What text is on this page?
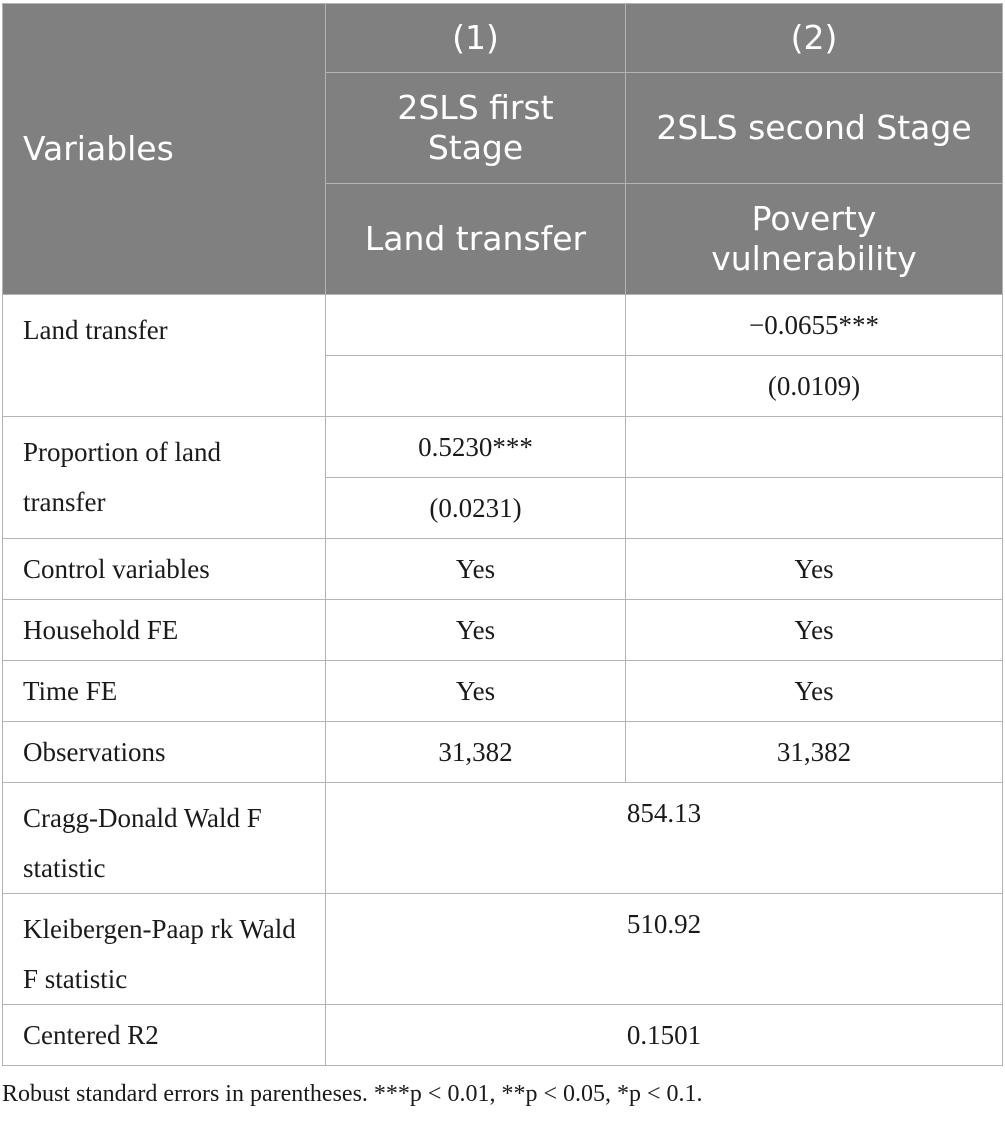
Variables	(1)	(2)
	2SLS first Stage	2SLS second Stage
	Land transfer	Poverty vulnerability
Land transfer		−0.0655***
		(0.0109)
Proportion of land transfer	0.5230***	
	(0.0231)	
Control variables	Yes	Yes
Household FE	Yes	Yes
Time FE	Yes	Yes
Observations	31,382	31,382
Cragg-Donald Wald F statistic	854.13	
Kleibergen-Paap rk Wald F statistic	510.92	
Centered R2	0.1501	
Robust standard errors in parentheses. ***p < 0.01, **p < 0.05, *p < 0.1.
